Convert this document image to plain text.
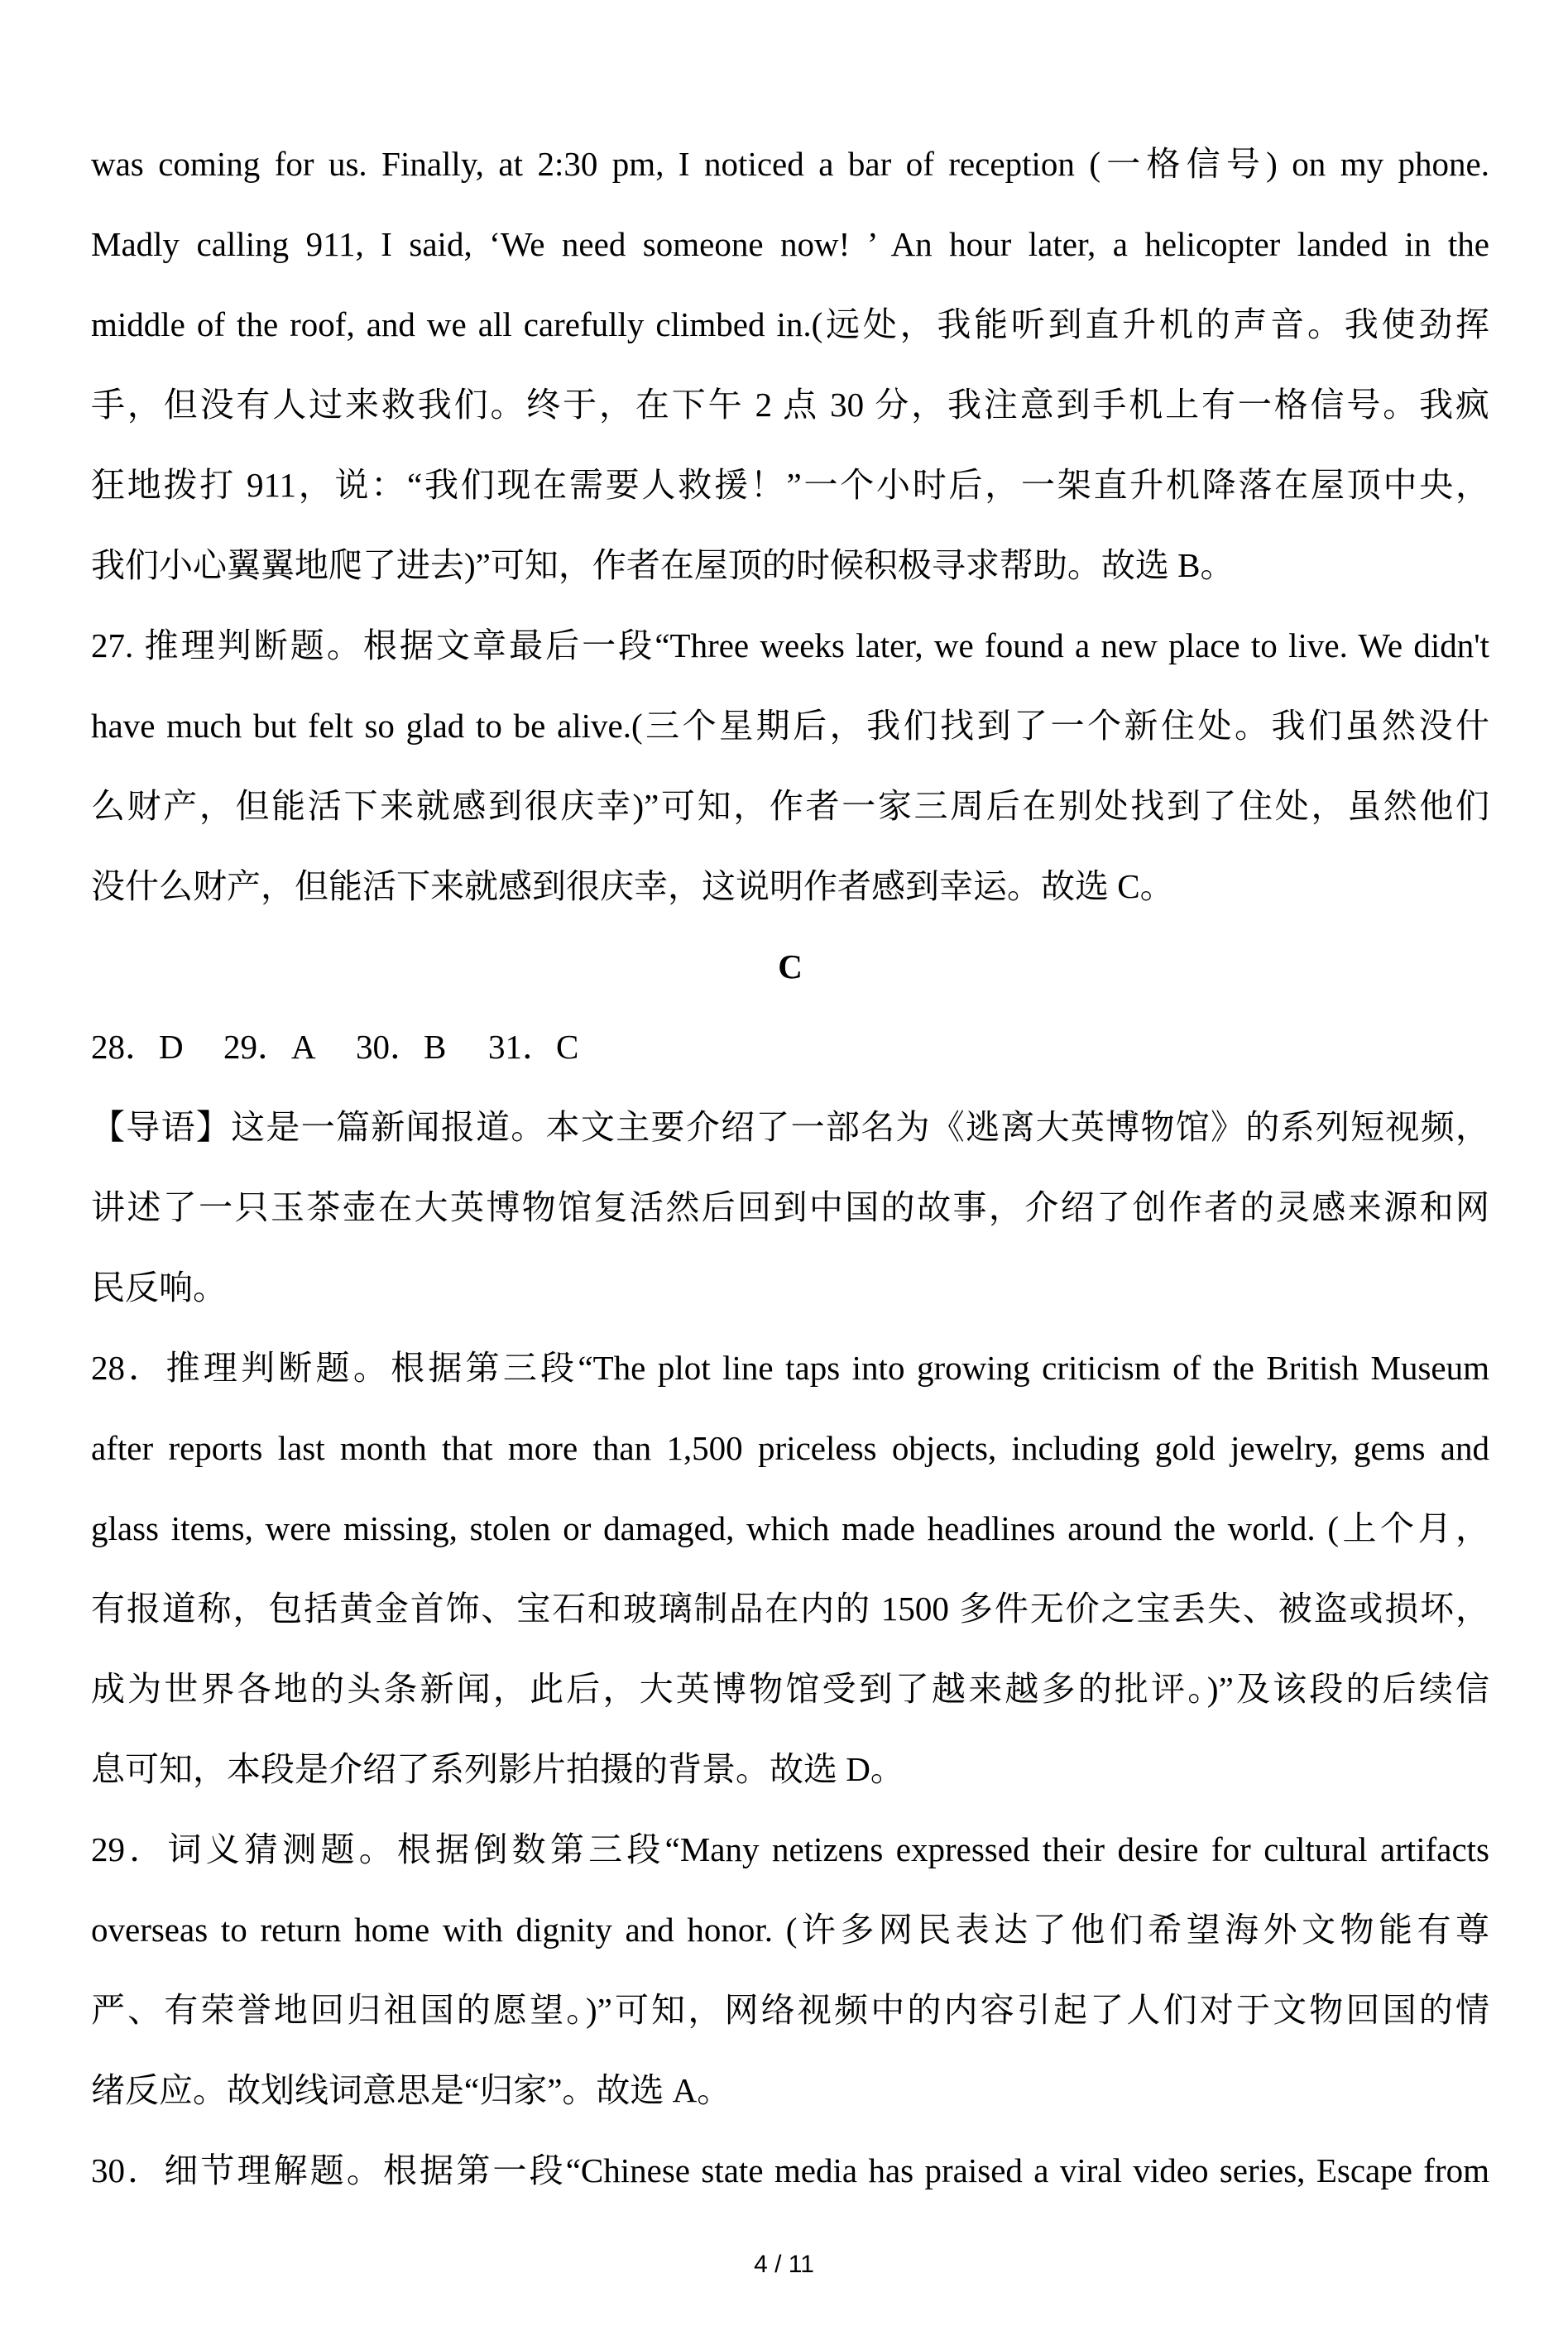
was coming for us. Finally, at 2:30 pm, I noticed a bar of reception (一格信号) on my phone.
Madly calling 911, I said, ‘We need someone now! ’ An hour later, a helicopter landed in the
middle of the roof, and we all carefully climbed in.(远处，我能听到直升机的声音。我使劲挥
手，但没有人过来救我们。终于，在下午 2 点 30 分，我注意到手机上有一格信号。我疯
狂地拨打 911，说：“我们现在需要人救援！”一个小时后，一架直升机降落在屋顶中央，
我们小心翼翼地爬了进去)”可知，作者在屋顶的时候积极寻求帮助。故选 B。
27. 推理判断题。根据文章最后一段“Three weeks later, we found a new place to live. We didn't
have much but felt so glad to be alive.(三个星期后，我们找到了一个新住处。我们虽然没什
么财产，但能活下来就感到很庆幸)”可知，作者一家三周后在别处找到了住处，虽然他们
没什么财产，但能活下来就感到很庆幸，这说明作者感到幸运。故选 C。
C
28．D	29．A	30．B	31．C
【导语】这是一篇新闻报道。本文主要介绍了一部名为《逃离大英博物馆》的系列短视频，
讲述了一只玉茶壶在大英博物馆复活然后回到中国的故事，介绍了创作者的灵感来源和网
民反响。
28．推理判断题。根据第三段“The plot line taps into growing criticism of the British Museum
after reports last month that more than 1,500 priceless objects, including gold jewelry, gems and
glass items, were missing, stolen or damaged, which made headlines around the world. (上个月，
有报道称，包括黄金首饰、宝石和玻璃制品在内的 1500 多件无价之宝丢失、被盗或损坏，
成为世界各地的头条新闻，此后，大英博物馆受到了越来越多的批评。)”及该段的后续信
息可知，本段是介绍了系列影片拍摄的背景。故选 D。
29．词义猜测题。根据倒数第三段“Many netizens expressed their desire for cultural artifacts
overseas to return home with dignity and honor. (许多网民表达了他们希望海外文物能有尊
严、有荣誉地回归祖国的愿望。)”可知，网络视频中的内容引起了人们对于文物回国的情
绪反应。故划线词意思是“归家”。故选 A。
30．细节理解题。根据第一段“Chinese state media has praised a viral video series, Escape from
4 / 11
